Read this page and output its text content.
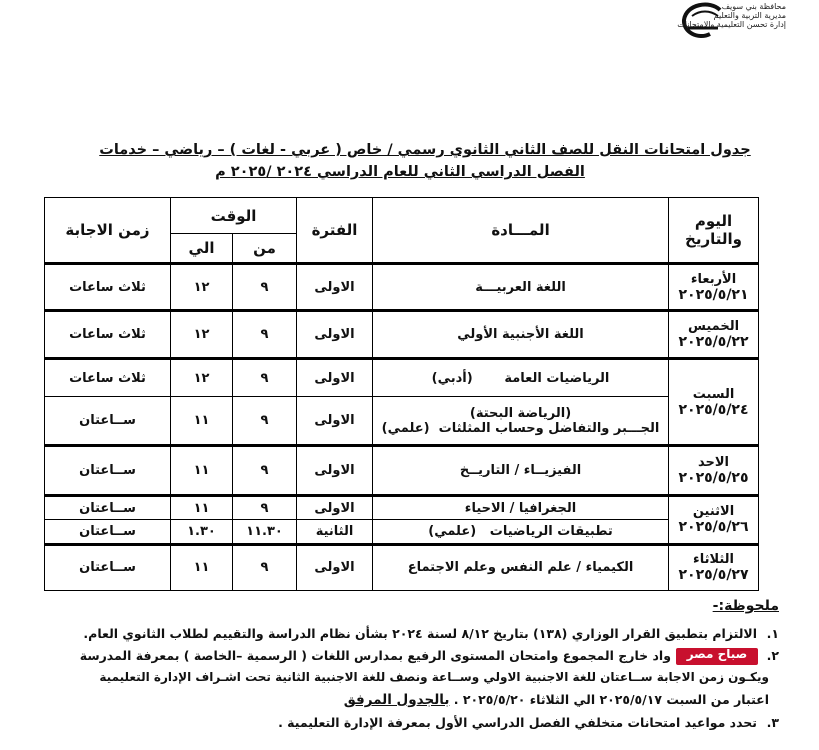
محافظة بني سويف
مديرية التربية والتعليم
إدارة تحسن التعليمية والامتحانات
جدول امتحانات النقل للصف الثاني الثانوي رسمي / خاص ( عربي - لغات ) – رياضي – خدمات
الفصل الدراسي الثاني للعام الدراسي ٢٠٢٤ /٢٠٢٥ م
اليوم والتاريخ	المـــادة	الفترة	الوقت		زمن الاجابة
			من	الي	

الأربعاء
٢٠٢٥/٥/٢١	اللغة العربيـــة	الاولى	٩	١٢	ثلاث ساعات

الخميس
٢٠٢٥/٥/٢٢	اللغة الأجنبية الأولي	الاولى	٩	١٢	ثلاث ساعات

السبت
٢٠٢٥/٥/٢٤	الرياضيات العامة       (أدبي)	الاولى	٩	١٢	ثلاث ساعات

	(الرياضة البحتة)
الجـــبر والتفاضل وحساب المثلثات  (علمي)	الاولى	٩	١١	ســاعتان

الاحد
٢٠٢٥/٥/٢٥	الفيزيــاء / التاريــخ	الاولى	٩	١١	ســاعتان

الاثنين
٢٠٢٥/٥/٢٦	الجغرافيا / الاحياء	الاولى	٩	١١	ســاعتان
	تطبيقات الرياضيات   (علمي)	الثانية	١١.٣٠	١.٣٠	ســاعتان

الثلاثاء
٢٠٢٥/٥/٢٧	الكيمياء / علم النفس وعلم الاجتماع	الاولى	٩	١١	ســاعتان
ملحوظة:-
١.الالتزام بتطبيق القرار الوزاري (١٣٨) بتاريخ ٨/١٢ لسنة ٢٠٢٤ بشأن نظام الدراسة والتقييم لطلاب الثانوي العام.
٢.واد خارج المجموع وامتحان المستوى الرفيع بمدارس اللغات ( الرسمية –الخاصة ) بمعرفة المدرسة
ويكـون زمن الاجابة ســاعتان للغة الاجنبية الاولي وســاعة ونصف للغة الاجنبية الثانية تحت اشـراف الإدارة التعليمية
اعتبار من السبت ٢٠٢٥/٥/١٧ الي الثلاثاء ٢٠٢٥/٥/٢٠ . بالجدول المرفق
٣.تحدد مواعيد امتحانات متخلفي الفصل الدراسي الأول بمعرفة الإدارة التعليمية .
صباح مصر
